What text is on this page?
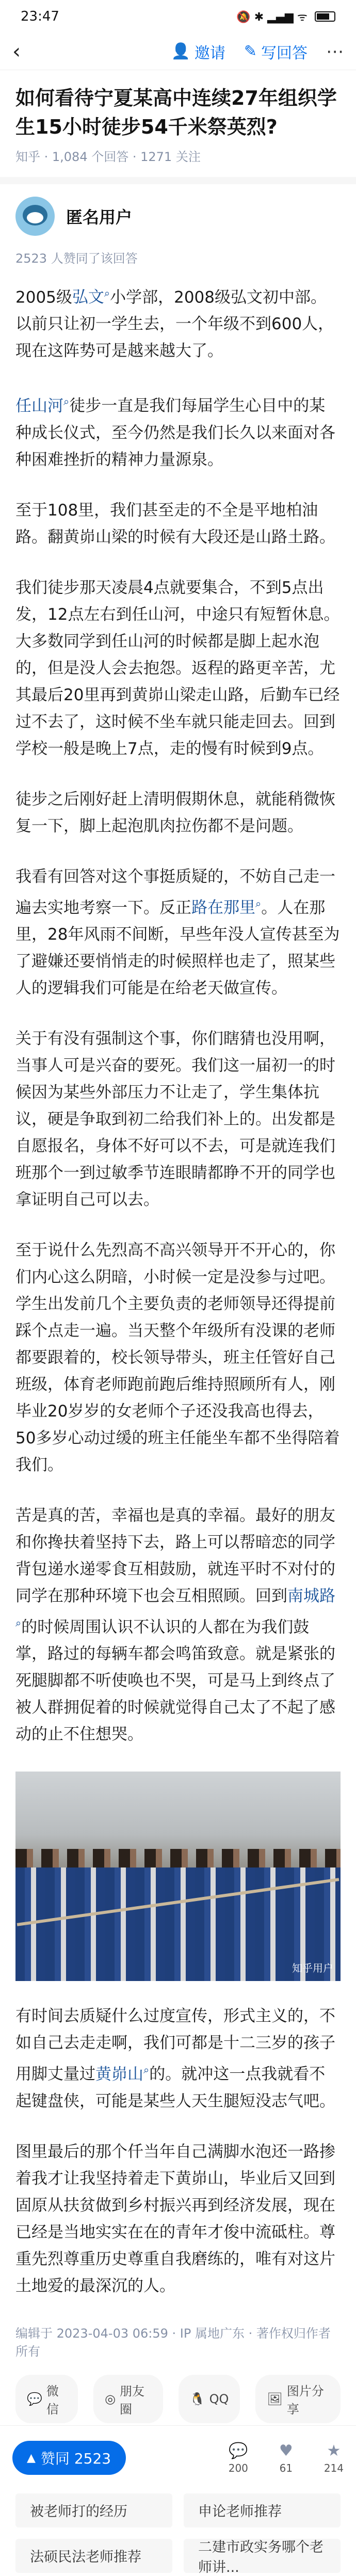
23:47	🔕 ✱ ▂▄▆ ᯤ
‹	👤 邀请 ✎ 写回答 ⋯
如何看待宁夏某高中连续27年组织学生15小时徒步54千米祭英烈?
知乎 · 1,084 个回答 · 1271 关注
匿名用户
2523 人赞同了该回答

2005级弘文 ⌕ 小学部，2008级弘文初中部。以前只让初一学生去，一个年级不到600人，现在这阵势可是越来越大了。

任山河 ⌕ 徒步一直是我们每届学生心目中的某种成长仪式，至今仍然是我们长久以来面对各种困难挫折的精神力量源泉。

至于108里，我们甚至走的不全是平地柏油路。翻黄峁山梁的时候有大段还是山路土路。

我们徒步那天凌晨4点就要集合，不到5点出发，12点左右到任山河，中途只有短暂休息。大多数同学到任山河的时候都是脚上起水泡的，但是没人会去抱怨。返程的路更辛苦，尤其最后20里再到黄峁山梁走山路，后勤车已经过不去了，这时候不坐车就只能走回去。回到学校一般是晚上7点，走的慢有时候到9点。

徒步之后刚好赶上清明假期休息，就能稍微恢复一下，脚上起泡肌肉拉伤都不是问题。

我看有回答对这个事挺质疑的，不妨自己走一遍去实地考察一下。反正路在那里 ⌕ 。人在那里，28年风雨不间断，早些年没人宣传甚至为了避嫌还要悄悄走的时候照样也走了，照某些人的逻辑我们可能是在给老天做宣传。

关于有没有强制这个事，你们瞎猜也没用啊，当事人可是兴奋的要死。我们这一届初一的时候因为某些外部压力不让走了，学生集体抗议，硬是争取到初二给我们补上的。出发都是自愿报名，身体不好可以不去，可是就连我们班那个一到过敏季节连眼睛都睁不开的同学也拿证明自己可以去。

至于说什么先烈高不高兴领导开不开心的，你们内心这么阴暗，小时候一定是没参与过吧。学生出发前几个主要负责的老师领导还得提前踩个点走一遍。当天整个年级所有没课的老师都要跟着的，校长领导带头，班主任管好自己班级，体育老师跑前跑后维持照顾所有人，刚毕业20岁岁的女老师个子还没我高也得去，50多岁心动过缓的班主任能坐车都不坐得陪着我们。

苦是真的苦，幸福也是真的幸福。最好的朋友和你搀扶着坚持下去，路上可以帮暗恋的同学背包递水递零食互相鼓励，就连平时不对付的同学在那种环境下也会互相照顾。回到南城路 ⌕的时候周围认识不认识的人都在为我们鼓掌，路过的每辆车都会鸣笛致意。就是紧张的死腿脚都不听使唤也不哭，可是马上到终点了被人群拥促着的时候就觉得自己太了不起了感动的止不住想哭。

知乎用户

有时间去质疑什么过度宣传，形式主义的，不如自己去走走啊，我们可都是十二三岁的孩子用脚丈量过黄峁山 ⌕ 的。就冲这一点我就看不起键盘侠，可能是某些人天生腿短没志气吧。

图里最后的那个仟当年自己满脚水泡还一路掺着我才让我坚持着走下黄峁山，毕业后又回到固原从扶贫做到乡村振兴再到经济发展，现在已经是当地实实在在的青年才俊中流砥柱。尊重先烈尊重历史尊重自我磨练的，唯有对这片土地爱的最深沉的人。

编辑于 2023-04-03 06:59 · IP 属地广东 · 著作权归作者所有
💬
微信
◎
朋友圈
🐧 QQ	🖼
图片分享
被老师打的经历	申论老师推荐
法硕民法老师推荐
二建市政实务哪个老师讲...
▲ 赞同 2523	💬
200
♥
61
★
214
